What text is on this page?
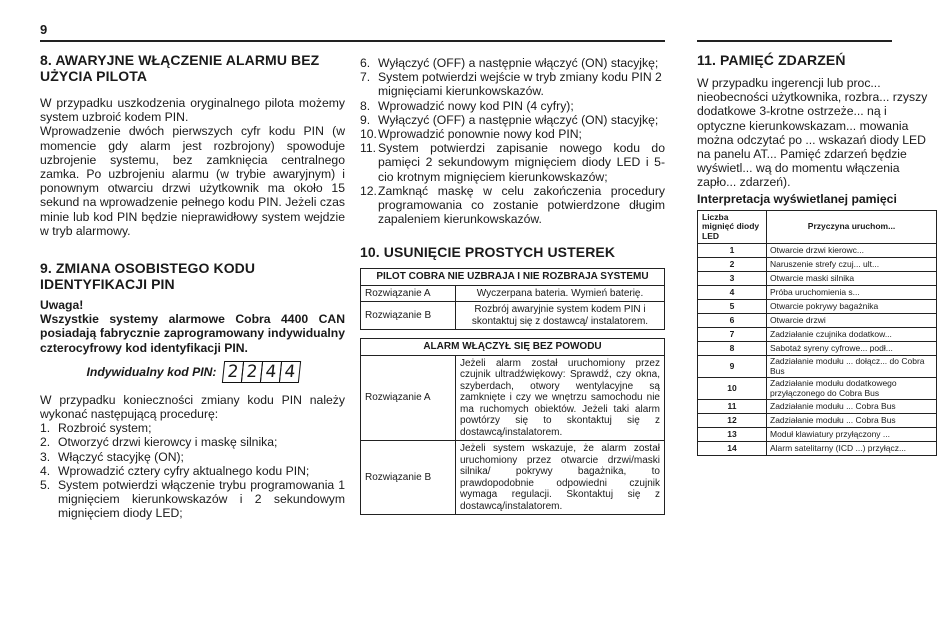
9
8. AWARYJNE WŁĄCZENIE ALARMU BEZ UŻYCIA PILOTA

W przypadku uszkodzenia oryginalnego pilota możemy system uzbroić kodem PIN.

Wprowadzenie dwóch pierwszych cyfr kodu PIN (w momencie gdy alarm jest rozbrojony) spowoduje uzbrojenie systemu, bez zamknięcia centralnego zamka. Po uzbrojeniu alarmu (w trybie awaryjnym) i ponownym otwarciu drzwi użytkownik ma około 15 sekund na wprowadzenie pełnego kodu PIN. Jeżeli czas minie lub kod PIN będzie nieprawidłowy system wejdzie w tryb alarmowy.

9. ZMIANA OSOBISTEGO KODU IDENTYFIKACJI PIN

Uwaga!

Wszystkie systemy alarmowe Cobra 4400 CAN posiadają fabrycznie zaprogramowany indywidualny czterocyfrowy kod identyfikacji PIN.

Indywidualny kod PIN: 2 2 4 4

W przypadku konieczności zmiany kodu PIN należy wykonać następującą procedurę:

1. Rozbroić system;
2. Otworzyć drzwi kierowcy i maskę silnika;
3. Włączyć stacyjkę (ON);
4. Wprowadzić cztery cyfry aktualnego kodu PIN;
5. System potwierdzi włączenie trybu programowania 1 mignięciem kierunkowskazów i 2 sekundowym mignięciem diody LED;
6. Wyłączyć (OFF) a następnie włączyć (ON) stacyjkę;
7. System potwierdzi wejście w tryb zmiany kodu PIN 2 mignięciami kierunkowskazów.
8. Wprowadzić nowy kod PIN (4 cyfry);
9. Wyłączyć (OFF) a następnie włączyć (ON) stacyjkę;
10. Wprowadzić ponownie nowy kod PIN;
11. System potwierdzi zapisanie nowego kodu do pamięci 2 sekundowym mignięciem diody LED i 5-cio krotnym mignięciem kierunkowskazów;
12. Zamknąć maskę w celu zakończenia procedury programowania co zostanie potwierdzone długim zapaleniem kierunkowskazów.
10. USUNIĘCIE PROSTYCH USTEREK
PILOT COBRA NIE UZBRAJA I NIE ROZBRAJA SYSTEMU	
Rozwiązanie A	Wyczerpana bateria. Wymień baterię.
Rozwiązanie B	Rozbrój awaryjnie system kodem PIN i skontaktuj się z dostawcą/ instalatorem.
ALARM WŁĄCZYŁ SIĘ BEZ POWODU	
Rozwiązanie A	Jeżeli alarm został uruchomiony przez czujnik ultradźwiękowy: Sprawdź, czy okna, szyberdach, otwory wentylacyjne są zamknięte i czy we wnętrzu samochodu nie ma ruchomych obiektów. Jeżeli taki alarm powtórzy się to skontaktuj się z dostawcą/instalatorem.
Rozwiązanie B	Jeżeli system wskazuje, że alarm został uruchomiony przez otwarcie drzwi/maski silnika/ pokrywy bagażnika, to prawdopodobnie odpowiedni czujnik wymaga regulacji. Skontaktuj się z dostawcą/instalatorem.
11. PAMIĘĆ ZDARZEŃ

W przypadku ingerencji lub proc... nieobecności użytkownika, rozbra... rzyszy dodatkowe 3-krotne ostrzeże... ną i optyczne kierunkowskazam... mowania można odczytać po ... wskazań diody LED na panelu AT... Pamięć zdarzeń będzie wyświetl... wą do momentu włączenia zapło... zdarzeń).

Interpretacja wyświetlanej pamięci

Liczba mignięć diody LED	Przyczyna uruchom...
1	Otwarcie drzwi kierowc...
2	Naruszenie strefy czuj... ult...
3	Otwarcie maski silnika
4	Próba uruchomienia s...
5	Otwarcie pokrywy bagażnika
6	Otwarcie drzwi
7	Zadziałanie czujnika dodatkow...
8	Sabotaż syreny cyfrowe... podł...
9	Zadziałanie modułu ... dołącz... do Cobra Bus
10	Zadziałanie modułu dodatkowego przyłączonego do Cobra Bus
11	Zadziałanie modułu ... Cobra Bus
12	Zadziałanie modułu ... Cobra Bus
13	Moduł klawiatury przyłączony ...
14	Alarm satelitarny (ICD ...) przyłącz...
